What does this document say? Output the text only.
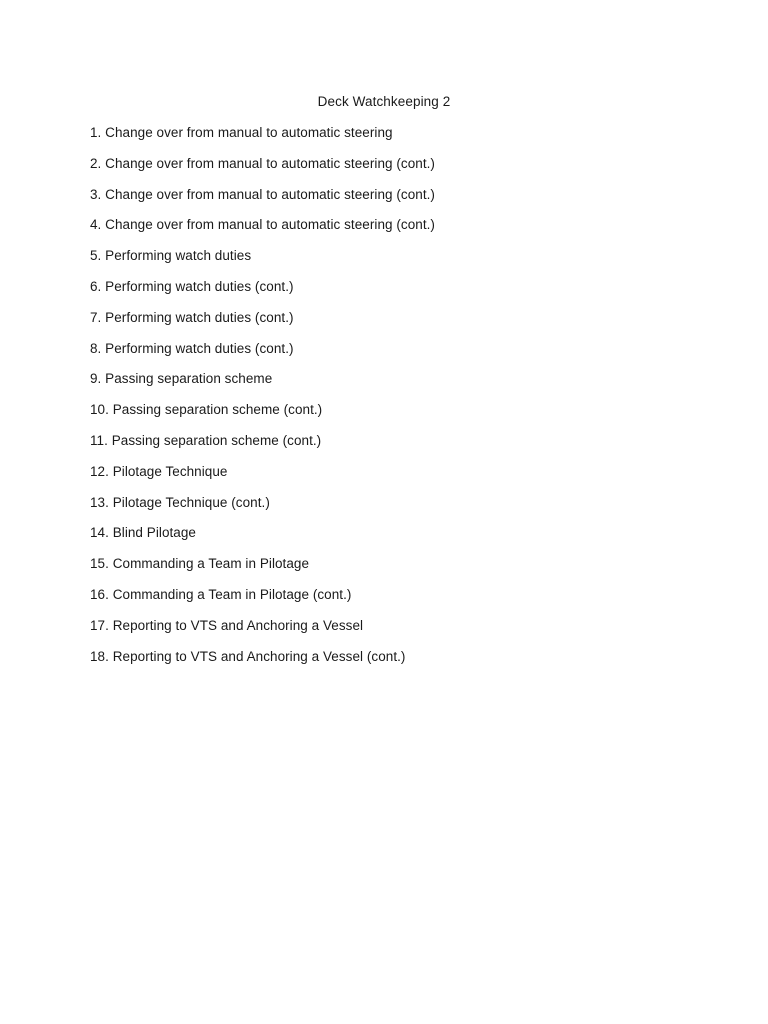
Deck Watchkeeping 2
1. Change over from manual to automatic steering
2. Change over from manual to automatic steering (cont.)
3. Change over from manual to automatic steering (cont.)
4. Change over from manual to automatic steering (cont.)
5. Performing watch duties
6. Performing watch duties (cont.)
7. Performing watch duties (cont.)
8. Performing watch duties (cont.)
9. Passing separation scheme
10. Passing separation scheme (cont.)
11. Passing separation scheme (cont.)
12. Pilotage Technique
13. Pilotage Technique (cont.)
14. Blind Pilotage
15. Commanding a Team in Pilotage
16. Commanding a Team in Pilotage (cont.)
17. Reporting to VTS and Anchoring a Vessel
18. Reporting to VTS and Anchoring a Vessel (cont.)
